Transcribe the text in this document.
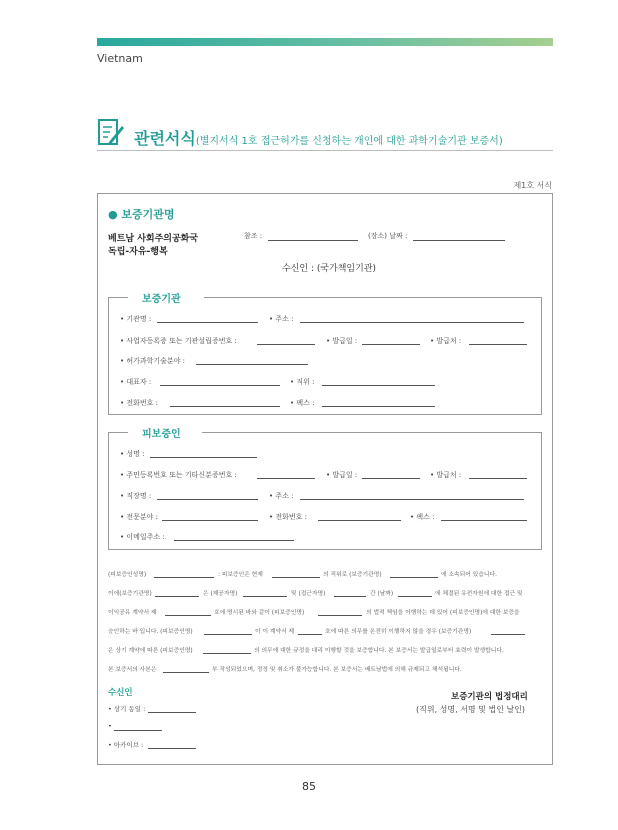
Vietnam
관련서식(별지서식 1호 접근허가를 신청하는 개인에 대한 과학기술기관 보증서)
제1호 서식
● 보증기관명
베트남 사회주의공화국
독립-자유-행복
참조 :	(장소) 날짜 :
수신인 : (국가책임기관)
보증기관
• 기관명 :	• 주소 :
• 사업자등록증 또는 기관설립증번호 :	• 발급일 :	• 발급처 :
• 허가과학기술분야 :
• 대표자 :	• 직위 :
• 전화번호 :	• 팩스 :
피보증인
• 성명 :
• 주민등록번호 또는 기타신분증번호 :	• 발급일 :	• 발급처 :
• 직장명 :	• 주소 :
• 전문분야 :	• 전화번호 :	• 팩스 :
• 이메일주소 :
(피보증인성명)	: 피보증인은 현재	의 직위로 (보증기관명)	에 소속되어 있습니다.
이에(보증기관명)	은 (제공자명)	및 (접근자명)	간 (날짜)	에 체결된 유전자원에 대한 접근 및
이익공유 계약서 제	호에 명시된 바와 같이 (피보증인명)	의 법적 책임을 이행하는 데 있어 (피보증인명)에 대한 보증을
승인하는 바 입니다. (피보증인명)	이 이 계약서 제	호에 따른 의무를 온전히 이행하지 않을 경우 (보증기관명)
은 상기 계약에 따른 (피보증인명)	의 의무에 대한 규정을 대리 이행할 것을 보증합니다. 본 보증서는 발급일로부터 효력이 발생합니다.
본 보증서의 사본은	부 작성되었으며, 정정 및 취소가 불가능합니다. 본 보증서는 베트남법에 의해 규제되고 해석됩니다.
수신인
• 상기 동일 :
•
• 아카이브 :
보증기관의 법정대리
(직위, 성명, 서명 및 법인 날인)
85
